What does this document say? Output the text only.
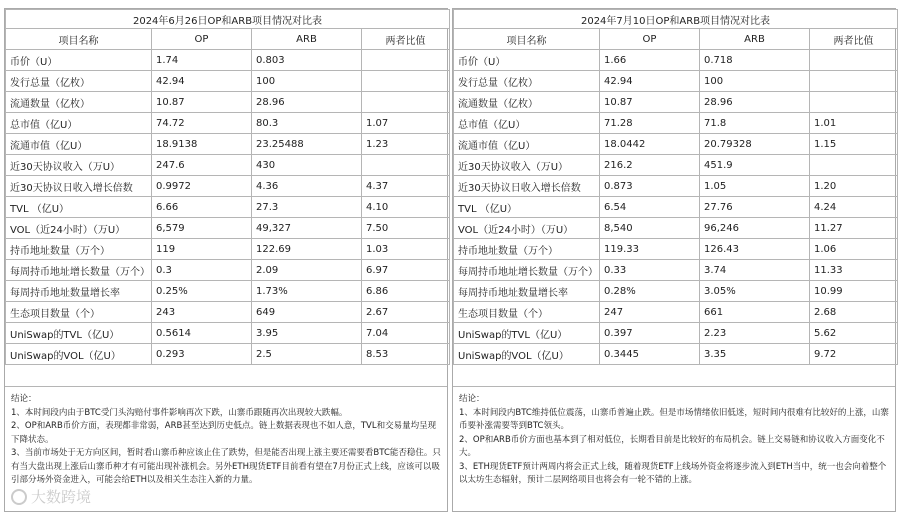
2024年6月26日OP和ARB项目情况对比表			
项目名称	OP	ARB	两者比值
币价（U）	1.74	0.803	
发行总量（亿枚）	42.94	100	
流通数量（亿枚）	10.87	28.96	
总市值（亿U）	74.72	80.3	1.07
流通市值（亿U）	18.9138	23.25488	1.23
近30天协议收入（万U）	247.6	430	
近30天协议日收入增长倍数	0.9972	4.36	4.37
TVL （亿U）	6.66	27.3	4.10
VOL（近24小时）（万U）	6,579	49,327	7.50
持币地址数量（万个）	119	122.69	1.03
每周持币地址增长数量（万个）	0.3	2.09	6.97
每周持币地址数量增长率	0.25%	1.73%	6.86
生态项目数量（个）	243	649	2.67
UniSwap的TVL（亿U）	0.5614	3.95	7.04
UniSwap的VOL（亿U）	0.293	2.5	8.53

结论：

1、本时间段内由于BTC受门头沟赔付事件影响再次下跌，山寨币跟随再次出现较大跌幅。

2、OP和ARB币价方面，表现都非常弱，ARB甚至达到历史低点。链上数据表现也不如人意，TVL和交易量均呈现下降状态。

3、当前市场处于无方向区间，暂时看山寨币种应该止住了跌势，但是能否出现上涨主要还需要看BTC能否稳住。只有当大盘出现上涨后山寨币种才有可能出现补涨机会。另外ETH现货ETF目前看有望在7月份正式上线，应该可以吸引部分场外资金进入，可能会给ETH以及相关生态注入新的力量。

大数跨境
2024年7月10日OP和ARB项目情况对比表			
项目名称	OP	ARB	两者比值
币价（U）	1.66	0.718	
发行总量（亿枚）	42.94	100	
流通数量（亿枚）	10.87	28.96	
总市值（亿U）	71.28	71.8	1.01
流通市值（亿U）	18.0442	20.79328	1.15
近30天协议收入（万U）	216.2	451.9	
近30天协议日收入增长倍数	0.873	1.05	1.20
TVL （亿U）	6.54	27.76	4.24
VOL（近24小时）（万U）	8,540	96,246	11.27
持币地址数量（万个）	119.33	126.43	1.06
每周持币地址增长数量（万个）	0.33	3.74	11.33
每周持币地址数量增长率	0.28%	3.05%	10.99
生态项目数量（个）	247	661	2.68
UniSwap的TVL（亿U）	0.397	2.23	5.62
UniSwap的VOL（亿U）	0.3445	3.35	9.72

结论：

1、本时间段内BTC维持低位震荡，山寨币普遍止跌。但是市场情绪依旧低迷，短时间内很难有比较好的上涨，山寨币要补涨需要等到BTC领头。

2、OP和ARB币价方面也基本到了相对低位，长期看目前是比较好的布局机会。链上交易链和协议收入方面变化不大。

3、ETH现货ETF预计两周内将会正式上线，随着现货ETF上线场外资金将逐步流入到ETH当中，统一也会向着整个以太坊生态辐射，预计二层网络项目也将会有一轮不错的上涨。
